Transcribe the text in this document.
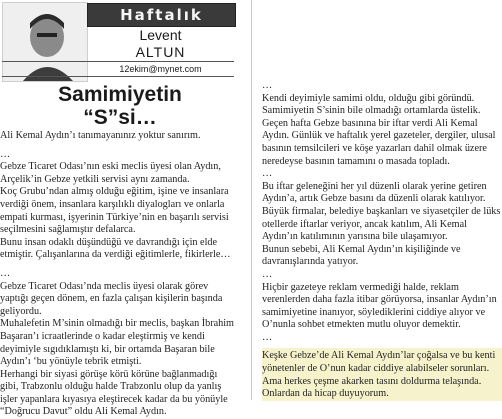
Haftalık
Levent
ALTUN
12ekim@mynet.com
Samimiyetin
“S”si…

Ali Kemal Aydın’ı tanımayanınız yoktur sanırım.

…

Gebze Ticaret Odası’nın eski meclis üyesi olan Aydın, Arçelik’in Gebze yetkili servisi aynı zamanda.

Koç Grubu’ndan almış olduğu eğitim, işine ve insanlara verdiği önem, insanlara karşılıklı diyalogları ve onlarla empati kurması, işyerinin Türkiye’nin en başarılı servisi seçilmesini sağlamıştır defalarca.

Bunu insan odaklı düşündüğü ve davrandığı için elde etmiştir. Çalışanlarına da verdiği eğitimlerle, fikirlerle…

…

Gebze Ticaret Odası’nda meclis üyesi olarak görev yaptığı geçen dönem, en fazla çalışan kişilerin başında geliyordu.

Muhalefetin M’sinin olmadığı bir meclis, başkan İbrahim Başaran’ı icraatlerinde o kadar eleştirmiş ve kendi deyimiyle sıgıdıklamıştı ki, bir ortamda Başaran bile Aydın’ı ‘bu yönüyle tebrik etmişti.

Herhangi bir siyasi görüşe körü körüne bağlanmadığı gibi, Trabzonlu olduğu halde Trabzonlu olup da yanlış işler yapanlara kıyasıya eleştirecek kadar da bu yönüyle “Doğrucu Davut” oldu Ali Kemal Aydın.

…

Kendi deyimiyle samimi oldu, olduğu gibi göründü. Samimiyetin S’sinin bile olmadığı ortamlarda üstelik.

Geçen hafta Gebze basınına bir iftar verdi Ali Kemal Aydın. Günlük ve haftalık yerel gazeteler, dergiler, ulusal basının temsilcileri ve köşe yazarları dahil olmak üzere neredeyse basının tamamını o masada topladı.

…

Bu iftar geleneğini her yıl düzenli olarak yerine getiren Aydın’a, artık Gebze basını da düzenli olarak katılıyor.

Büyük firmalar, belediye başkanları ve siyasetçiler de lüks otellerde iftarlar veriyor, ancak katılım, Ali Kemal Aydın’ın katılımının yarısına bile ulaşamıyor.

Bunun sebebi, Ali Kemal Aydın’ın kişiliğinde ve davranışlarında yatıyor.

…

Hiçbir gazeteye reklam vermediği halde, reklam verenlerden daha fazla itibar görüyorsa, insanlar Aydın’ın samimiyetine inanıyor, söylediklerini ciddiye alıyor ve O’nunla sohbet etmekten mutlu oluyor demektir.

…

Keşke Gebze’de Ali Kemal Aydın’lar çoğalsa ve bu kenti yönetenler de O’nun kadar ciddiye alabilseler sorunları.

Ama herkes çeşme akarken tasını doldurma telaşında. Onlardan da hicap duyuyorum.
